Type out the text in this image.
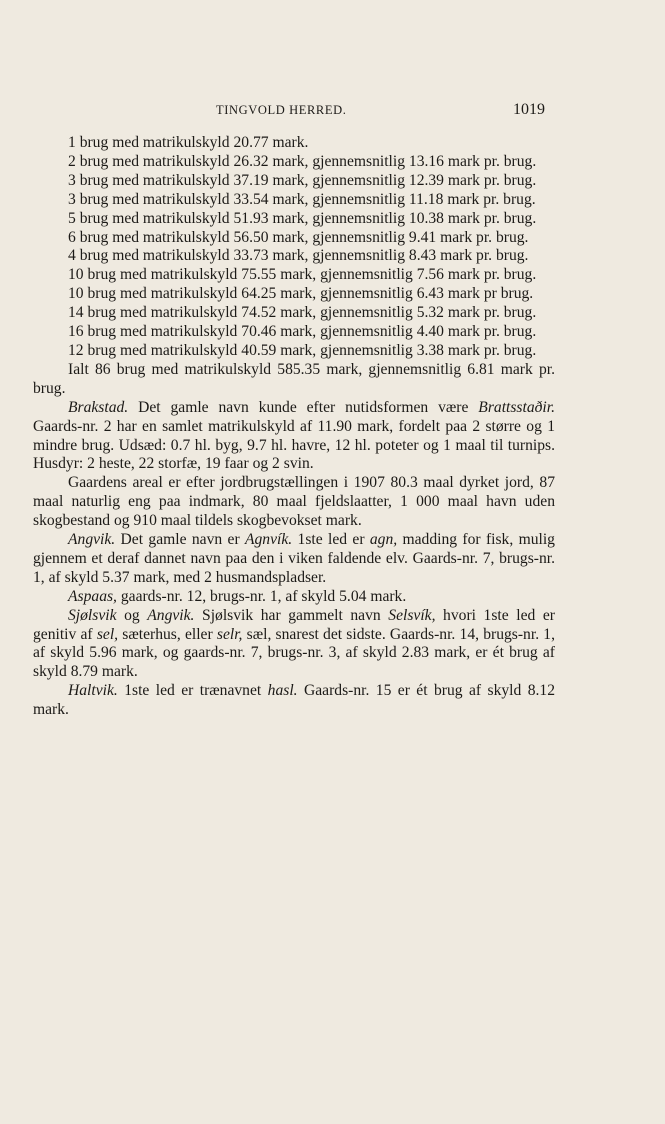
TINGVOLD HERRED.	1019

1 brug med matrikulskyld 20.77 mark.

2 brug med matrikulskyld 26.32 mark, gjennemsnitlig 13.16 mark pr. brug.

3 brug med matrikulskyld 37.19 mark, gjennemsnitlig 12.39 mark pr. brug.

3 brug med matrikulskyld 33.54 mark, gjennemsnitlig 11.18 mark pr. brug.

5 brug med matrikulskyld 51.93 mark, gjennemsnitlig 10.38 mark pr. brug.

6 brug med matrikulskyld 56.50 mark, gjennemsnitlig 9.41 mark pr. brug.

4 brug med matrikulskyld 33.73 mark, gjennemsnitlig 8.43 mark pr. brug.

10 brug med matrikulskyld 75.55 mark, gjennemsnitlig 7.56 mark pr. brug.

10 brug med matrikulskyld 64.25 mark, gjennemsnitlig 6.43 mark pr brug.

14 brug med matrikulskyld 74.52 mark, gjennemsnitlig 5.32 mark pr. brug.

16 brug med matrikulskyld 70.46 mark, gjennemsnitlig 4.40 mark pr. brug.

12 brug med matrikulskyld 40.59 mark, gjennemsnitlig 3.38 mark pr. brug.

Ialt 86 brug med matrikulskyld 585.35 mark, gjennemsnitlig 6.81 mark pr. brug.

Brakstad. Det gamle navn kunde efter nutidsformen være Brattsstaðir. Gaards-nr. 2 har en samlet matrikulskyld af 11.90 mark, fordelt paa 2 større og 1 mindre brug. Udsæd: 0.7 hl. byg, 9.7 hl. havre, 12 hl. poteter og 1 maal til turnips. Husdyr: 2 heste, 22 storfæ, 19 faar og 2 svin.

Gaardens areal er efter jordbrugstællingen i 1907 80.3 maal dyrket jord, 87 maal naturlig eng paa indmark, 80 maal fjeldslaatter, 1 000 maal havn uden skogbestand og 910 maal tildels skogbevokset mark.

Angvik. Det gamle navn er Agnvík. 1ste led er agn, madding for fisk, mulig gjennem et deraf dannet navn paa den i viken faldende elv. Gaards-nr. 7, brugs-nr. 1, af skyld 5.37 mark, med 2 husmandspladser.

Aspaas, gaards-nr. 12, brugs-nr. 1, af skyld 5.04 mark.

Sjølsvik og Angvik. Sjølsvik har gammelt navn Selsvík, hvori 1ste led er genitiv af sel, sæterhus, eller selr, sæl, snarest det sidste. Gaards-nr. 14, brugs-nr. 1, af skyld 5.96 mark, og gaards-nr. 7, brugs-nr. 3, af skyld 2.83 mark, er ét brug af skyld 8.79 mark.

Haltvik. 1ste led er trænavnet hasl. Gaards-nr. 15 er ét brug af skyld 8.12 mark.
